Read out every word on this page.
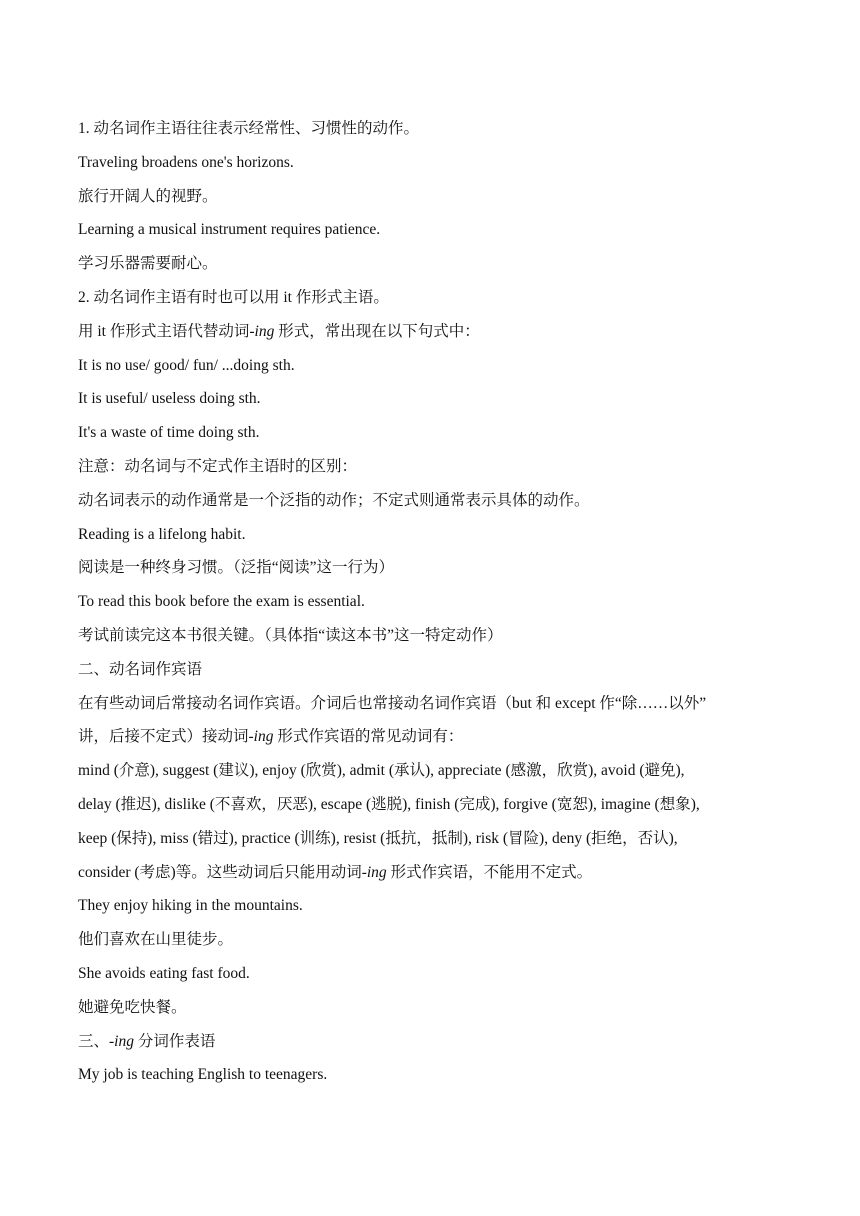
1. 动名词作主语往往表示经常性、习惯性的动作。

Traveling broadens one's horizons.

旅行开阔人的视野。

Learning a musical instrument requires patience.

学习乐器需要耐心。

2. 动名词作主语有时也可以用 it 作形式主语。

用 it 作形式主语代替动词-ing 形式，常出现在以下句式中：

It is no use/ good/ fun/ ...doing sth.

It is useful/ useless doing sth.

It's a waste of time doing sth.

注意：动名词与不定式作主语时的区别：

动名词表示的动作通常是一个泛指的动作；不定式则通常表示具体的动作。

Reading is a lifelong habit.

阅读是一种终身习惯。（泛指“阅读”这一行为）

To read this book before the exam is essential.

考试前读完这本书很关键。（具体指“读这本书”这一特定动作）

二、动名词作宾语

在有些动词后常接动名词作宾语。介词后也常接动名词作宾语（but 和 except 作“除……以外”

讲，后接不定式）接动词-ing 形式作宾语的常见动词有：

mind (介意), suggest (建议), enjoy (欣赏), admit (承认), appreciate (感激，欣赏), avoid (避免),

delay (推迟), dislike (不喜欢，厌恶), escape (逃脱), finish (完成), forgive (宽恕), imagine (想象),

keep (保持), miss (错过), practice (训练), resist (抵抗，抵制), risk (冒险), deny (拒绝，否认),

consider (考虑)等。这些动词后只能用动词-ing 形式作宾语，不能用不定式。

They enjoy hiking in the mountains.

他们喜欢在山里徒步。

She avoids eating fast food.

她避免吃快餐。

三、-ing 分词作表语

My job is teaching English to teenagers.
